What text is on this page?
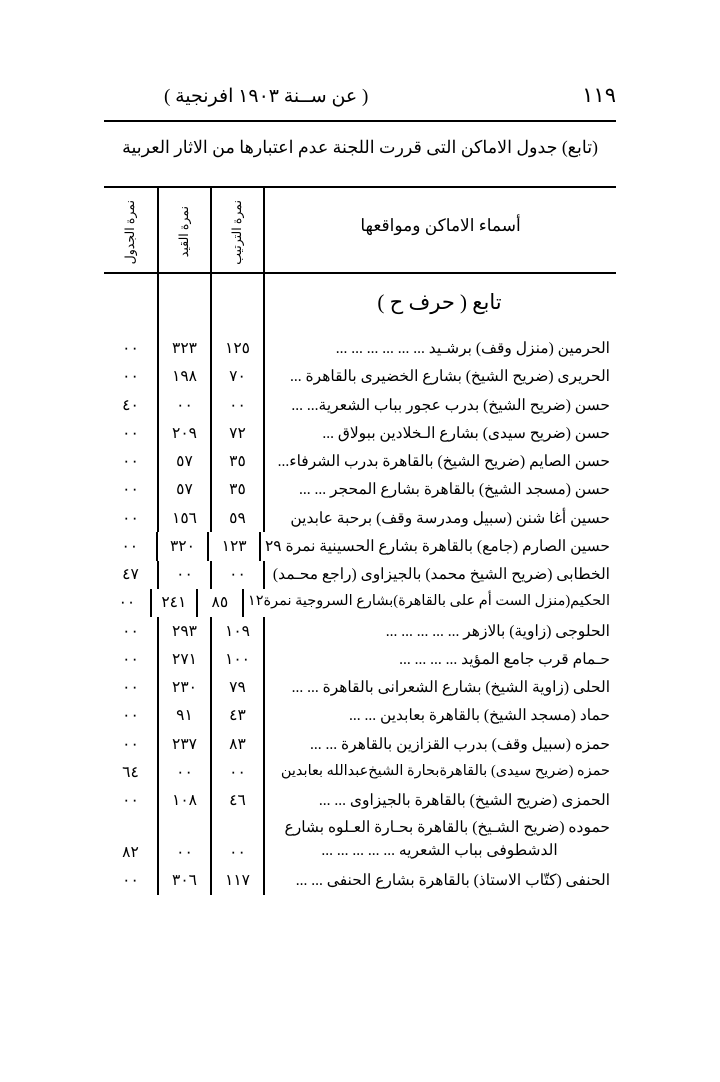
١١٩
( عن ســنة ١٩٠٣ افرنجية )
(تابع) جدول الاماكن التى قررت اللجنة عدم اعتبارها من الاثار العربية
أسماء الاماكن ومواقعها
نمرة الترتيب
نمرة القيد
نمرة الجدول
تابع ( حرف ح )
الحرمين (منزل وقف) برشـيد ... ... ... ... ... ...
١٢٥
٣٢٣
٠٠
الحريرى (ضريح الشيخ) بشارع الخضيرى بالقاهرة ...
٧٠
١٩٨
٠٠
حسن (ضريح الشيخ) بدرب عجور بباب الشعرية... ...
٠٠
٠٠
٤٠
حسن (ضريح سيدى) بشارع الـخلادين ببولاق ...
٧٢
٢٠٩
٠٠
حسن الصايم (ضريح الشيخ) بالقاهرة بدرب الشرفاء...
٣٥
٥٧
٠٠
حسن (مسجد الشيخ) بالقاهرة بشارع المحجر ... ...
٣٥
٥٧
٠٠
حسين أغا شنن (سبيل ومدرسة وقف) برحبة عابدين
٥٩
١٥٦
٠٠
حسين الصارم (جامع) بالقاهرة بشارع الحسينية نمرة ٢٩
١٢٣
٣٢٠
٠٠
الخطابى (ضريح الشيخ محمد) بالجيزاوى (راجع محـمد)
٠٠
٠٠
٤٧
الحكيم(منزل الست أم على بالقاهرة)بشارع السروجية نمرة١٢
٨٥
٢٤١
٠٠
الحلوجى (زاوية) بالازهر ... ... ... ... ...
١٠٩
٢٩٣
٠٠
حـمام قرب جامع المؤيد ... ... ... ...
١٠٠
٢٧١
٠٠
الحلى (زاوية الشيخ) بشارع الشعرانى بالقاهرة ... ...
٧٩
٢٣٠
٠٠
حماد (مسجد الشيخ) بالقاهرة بعابدين ... ...
٤٣
٩١
٠٠
حمزه (سبيل وقف) بدرب القزازين بالقاهرة ... ...
٨٣
٢٣٧
٠٠
حمزه (ضريح سيدى) بالقاهرةبحارة الشيخ‌عبدالله بعابدين
٠٠
٠٠
٦٤
الحمزى (ضريح الشيخ) بالقاهرة بالجيزاوى ... ...
٤٦
١٠٨
٠٠
حموده (ضريح الشـيخ) بالقاهرة بحـارة العـلوه بشارع
الدشطوفى بباب الشعريه ... ... ... ... ...
٠٠
٠٠
٨٢
الحنفى (كتّاب الاستاذ) بالقاهرة بشارع الحنفى ... ...
١١٧
٣٠٦
٠٠
